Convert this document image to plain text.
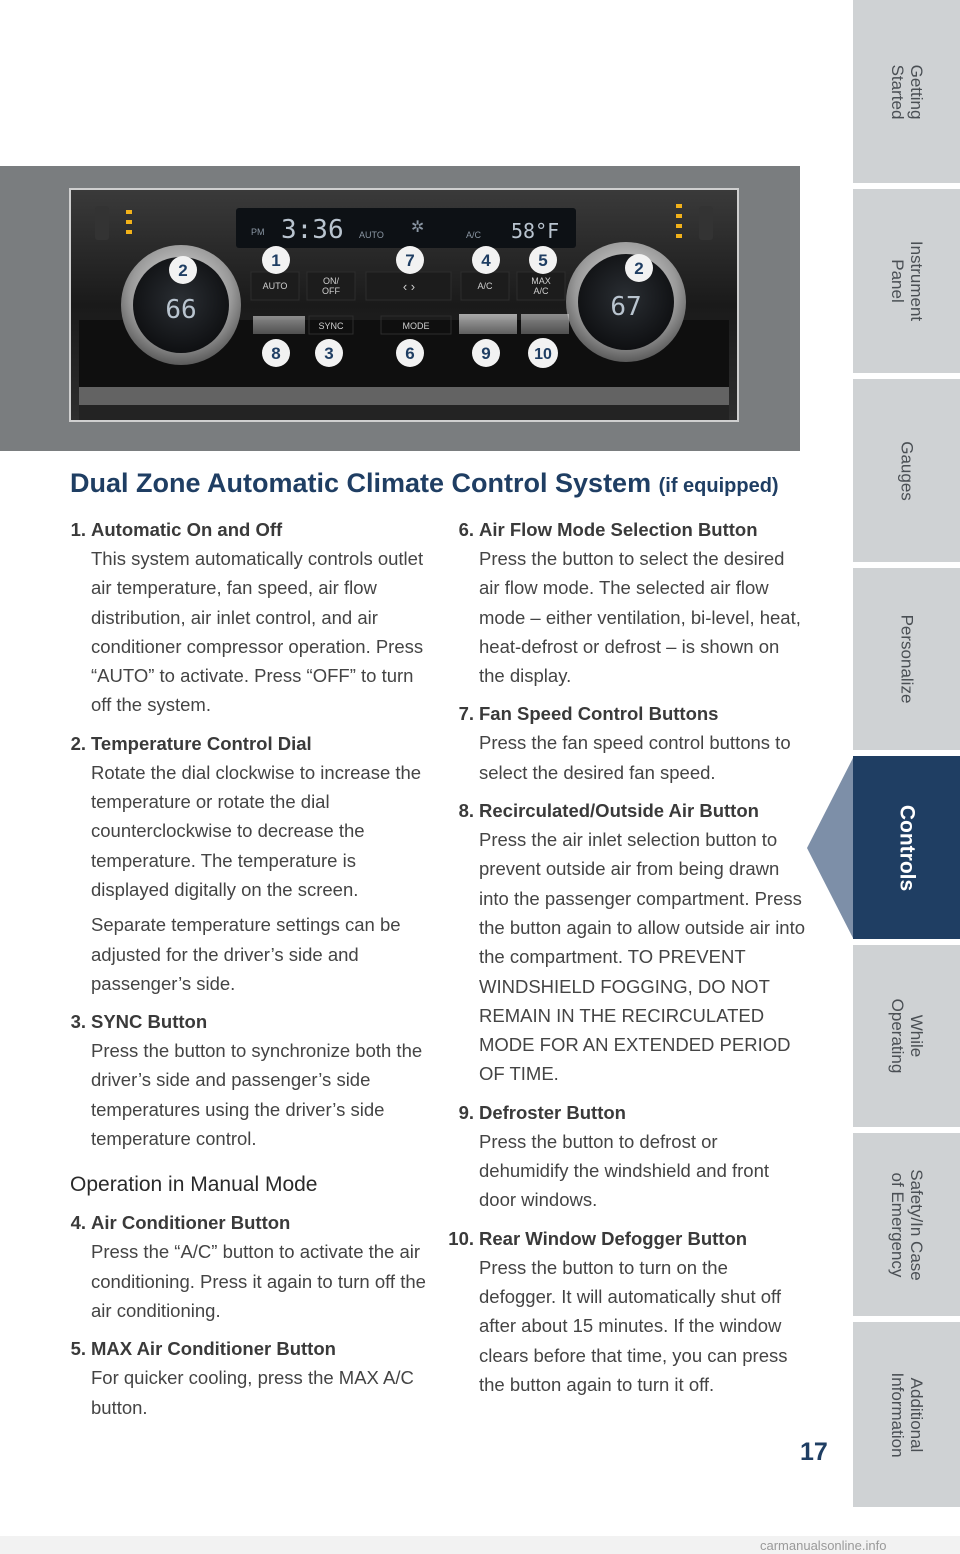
Getting
Started
Instrument
Panel
Gauges
Personalize
Controls
While
Operating
Safety/In Case
of Emergency
Additional
Information
PM 3:36 AUTO ✲	A/C 58°F
66	67
AUTO	ON/
OFF	‹ ›	A/C	MAX
A/C
SYNC	MODE
2
1	7	4	5	2
8	3	6	9	10
Dual Zone Automatic Climate Control System (if equipped)
1. Automatic On and Off

This system automatically controls outlet air temperature, fan speed, air flow distribution, air inlet control, and air conditioner compressor operation. Press “AUTO” to activate. Press “OFF” to turn off the system.

2. Temperature Control Dial

Rotate the dial clockwise to increase the temperature or rotate the dial counterclockwise to decrease the temperature. The temperature is displayed digitally on the screen.

Separate temperature settings can be adjusted for the driver’s side and passenger’s side.

3. SYNC Button

Press the button to synchronize both the driver’s side and passenger’s side temperatures using the driver’s side temperature control.

Operation in Manual Mode
4. Air Conditioner Button

Press the “A/C” button to activate the air conditioning. Press it again to turn off the air conditioning.

5. MAX Air Conditioner Button

For quicker cooling, press the MAX A/C button.

6. Air Flow Mode Selection Button

Press the button to select the desired air flow mode. The selected air flow mode – either ventilation, bi-level, heat, heat-defrost or defrost – is shown on the display.

7. Fan Speed Control Buttons

Press the fan speed control buttons to select the desired fan speed.

8. Recirculated/Outside Air Button

Press the air inlet selection button to prevent outside air from being drawn into the passenger compartment. Press the button again to allow outside air into the compartment. TO PREVENT WINDSHIELD FOGGING, DO NOT REMAIN IN THE RECIRCULATED MODE FOR AN EXTENDED PERIOD OF TIME.

9. Defroster Button

Press the button to defrost or dehumidify the windshield and front door windows.

10. Rear Window Defogger Button

Press the button to turn on the defogger. It will automatically shut off after about 15 minutes. If the window clears before that time, you can press the button again to turn it off.

17
carmanualsonline.info
